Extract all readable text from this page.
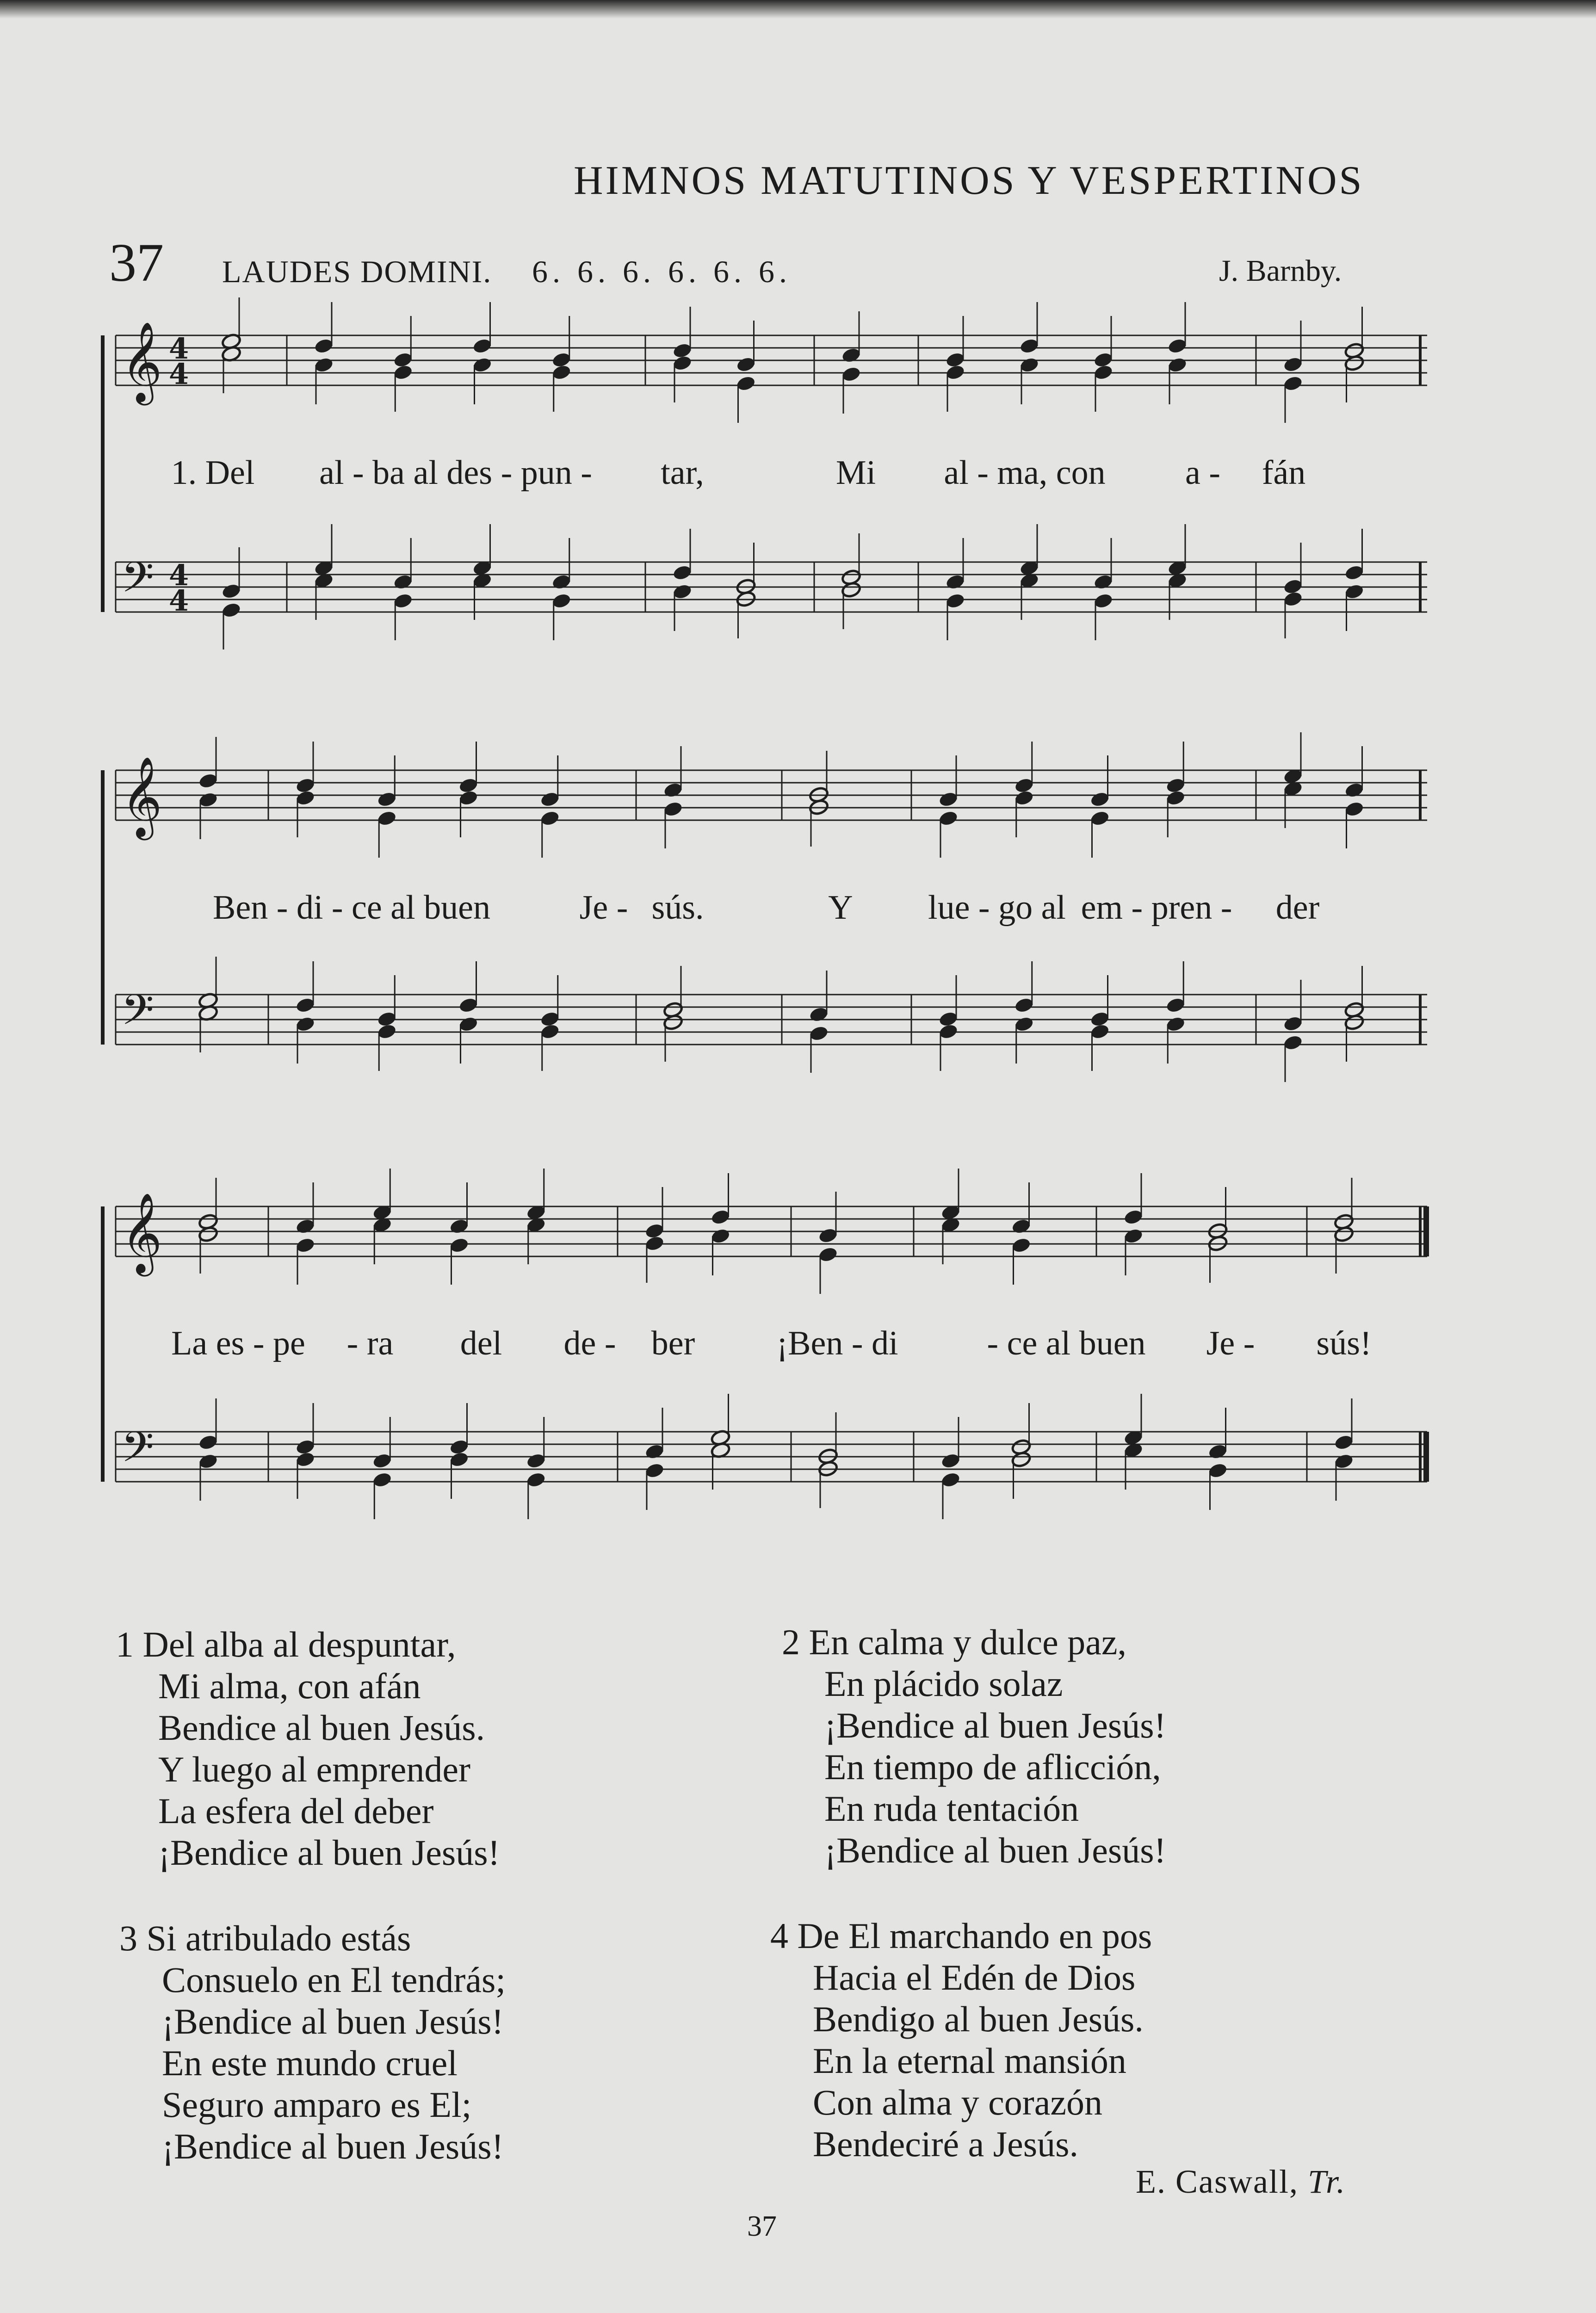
HIMNOS MATUTINOS Y VESPERTINOS
37 LAUDES DOMINI. 6. 6. 6. 6. 6. 6.	J. Barnby.
𝄞 4
4
𝄢 4
4
𝄞
𝄢
𝄞
𝄢
1. Del al - ba al des - pun - tar,	Mi al - ma, con a - fán
Ben - di - ce al buen	Je - sús.	Y lue - go al em - pren - der
La es - pe - ra del de - ber ¡Ben - di	- ce al buen Je - sús!
1 Del alba al despuntar,
Mi alma, con afán
Bendice al buen Jesús.
Y luego al emprender
La esfera del deber
¡Bendice al buen Jesús!
2 En calma y dulce paz,
En plácido solaz
¡Bendice al buen Jesús!
En tiempo de aflicción,
En ruda tentación
¡Bendice al buen Jesús!
3 Si atribulado estás
Consuelo en El tendrás;
¡Bendice al buen Jesús!
En este mundo cruel
Seguro amparo es El;
¡Bendice al buen Jesús!
4 De El marchando en pos
Hacia el Edén de Dios
Bendigo al buen Jesús.
En la eternal mansión
Con alma y corazón
Bendeciré a Jesús.
E. Caswall, Tr.
37
